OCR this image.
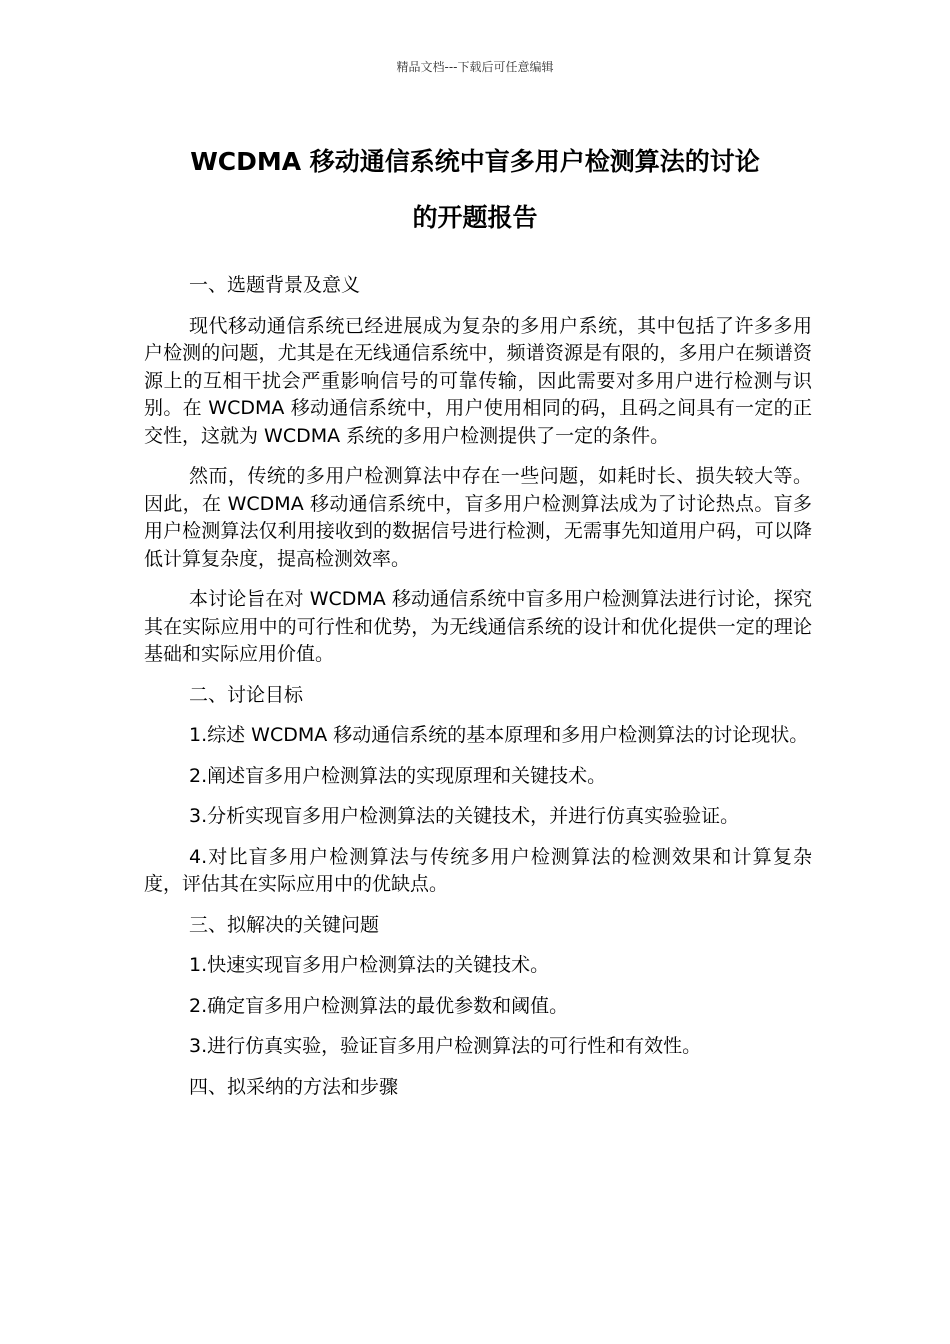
精品文档---下载后可任意编辑
WCDMA 移动通信系统中盲多用户检测算法的讨论
的开题报告

一、选题背景及意义

现代移动通信系统已经进展成为复杂的多用户系统，其中包括了许多多用户检测的问题，尤其是在无线通信系统中，频谱资源是有限的，多用户在频谱资源上的互相干扰会严重影响信号的可靠传输，因此需要对多用户进行检测与识别。在 WCDMA 移动通信系统中，用户使用相同的码，且码之间具有一定的正交性，这就为 WCDMA 系统的多用户检测提供了一定的条件。

然而，传统的多用户检测算法中存在一些问题，如耗时长、损失较大等。因此，在 WCDMA 移动通信系统中，盲多用户检测算法成为了讨论热点。盲多用户检测算法仅利用接收到的数据信号进行检测，无需事先知道用户码，可以降低计算复杂度，提高检测效率。

本讨论旨在对 WCDMA 移动通信系统中盲多用户检测算法进行讨论，探究其在实际应用中的可行性和优势，为无线通信系统的设计和优化提供一定的理论基础和实际应用价值。

二、讨论目标

1.综述 WCDMA 移动通信系统的基本原理和多用户检测算法的讨论现状。

2.阐述盲多用户检测算法的实现原理和关键技术。

3.分析实现盲多用户检测算法的关键技术，并进行仿真实验验证。

4.对比盲多用户检测算法与传统多用户检测算法的检测效果和计算复杂度，评估其在实际应用中的优缺点。

三、拟解决的关键问题

1.快速实现盲多用户检测算法的关键技术。

2.确定盲多用户检测算法的最优参数和阈值。

3.进行仿真实验，验证盲多用户检测算法的可行性和有效性。

四、拟采纳的方法和步骤
